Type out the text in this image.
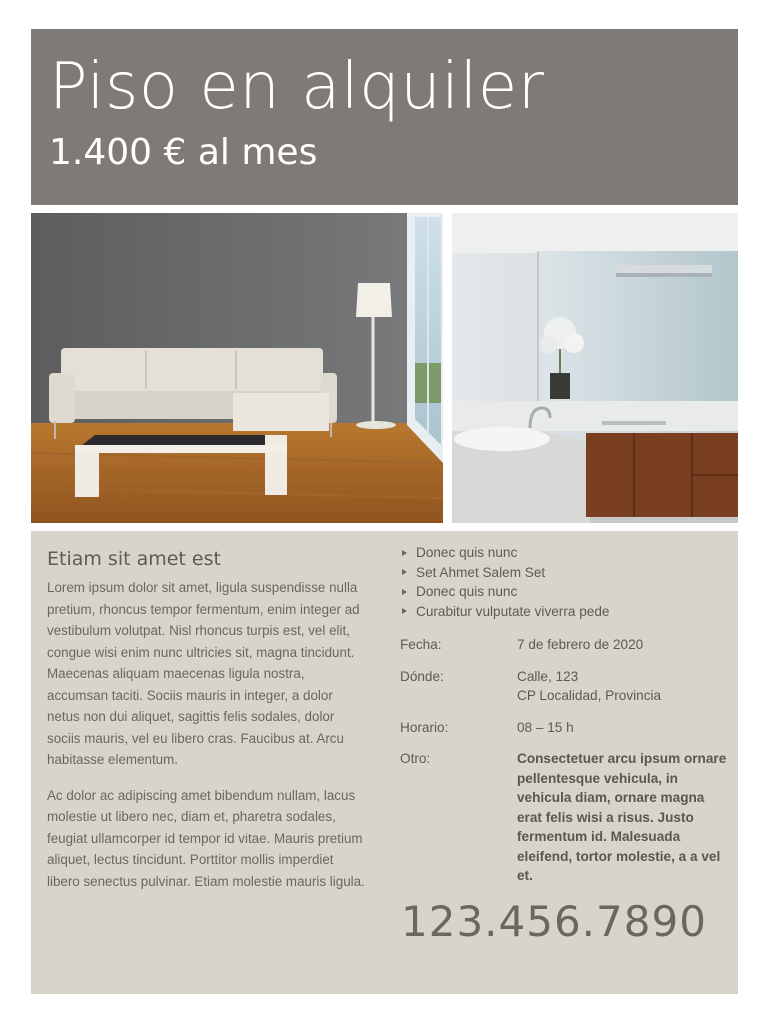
Piso en alquiler
1.400 € al mes
Etiam sit amet est

Lorem ipsum dolor sit amet, ligula suspendisse nulla pretium, rhoncus tempor fermentum, enim integer ad vestibulum volutpat. Nisl rhoncus turpis est, vel elit, congue wisi enim nunc ultricies sit, magna tincidunt. Maecenas aliquam maecenas ligula nostra, accumsan taciti. Sociis mauris in integer, a dolor netus non dui aliquet, sagittis felis sodales, dolor sociis mauris, vel eu libero cras. Faucibus at. Arcu habitasse elementum.

Ac dolor ac adipiscing amet bibendum nullam, lacus molestie ut libero nec, diam et, pharetra sodales, feugiat ullamcorper id tempor id vitae. Mauris pretium aliquet, lectus tincidunt. Porttitor mollis imperdiet libero senectus pulvinar. Etiam molestie mauris ligula.

Donec quis nunc
Set Ahmet Salem Set
Donec quis nunc
Curabitur vulputate viverra pede
Fecha:	7 de febrero de 2020
Dónde:	Calle, 123
CP Localidad, Provincia
Horario:	08 – 15 h
Otro:	Consectetuer arcu ipsum ornare pellentesque vehicula, in vehicula diam, ornare magna erat felis wisi a risus. Justo fermentum id. Malesuada eleifend, tortor molestie, a a vel et.
123.456.7890
